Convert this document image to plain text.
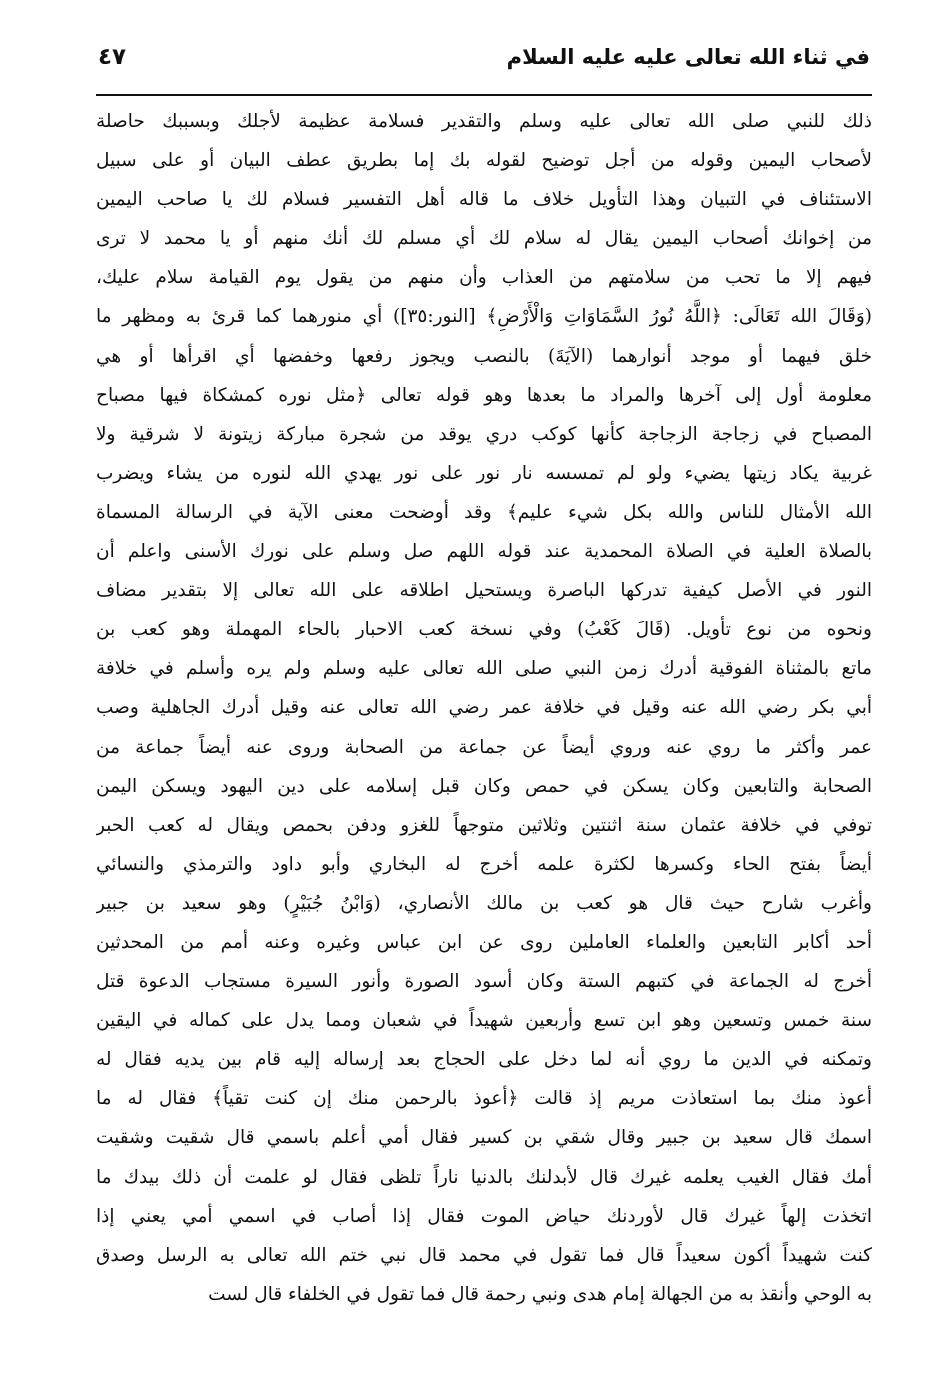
في ثناء الله تعالى عليه عليه السلام
٤٧
ذلك للنبي صلى الله تعالى عليه وسلم والتقدير فسلامة عظيمة لأجلك وبسببك حاصلة
لأصحاب اليمين وقوله من أجل توضيح لقوله بك إما بطريق عطف البيان أو على سبيل
الاستئناف في التبيان وهذا التأويل خلاف ما قاله أهل التفسير فسلام لك يا صاحب اليمين
من إخوانك أصحاب اليمين يقال له سلام لك أي مسلم لك أنك منهم أو يا محمد لا ترى
فيهم إلا ما تحب من سلامتهم من العذاب وأن منهم من يقول يوم القيامة سلام عليك،
(وَقَالَ الله تَعَالَى: ﴿اللَّهُ نُورُ السَّمَاوَاتِ وَالْأَرْضِ﴾ [النور:٣٥]) أي منورهما كما قرئ به ومظهر ما
خلق فيهما أو موجد أنوارهما (الآيَةَ) بالنصب ويجوز رفعها وخفضها أي اقرأها أو هي
معلومة أول إلى آخرها والمراد ما بعدها وهو قوله تعالى ﴿مثل نوره كمشكاة فيها مصباح
المصباح في زجاجة الزجاجة كأنها كوكب دري يوقد من شجرة مباركة زيتونة لا شرقية ولا
غربية يكاد زيتها يضيء ولو لم تمسسه نار نور على نور يهدي الله لنوره من يشاء ويضرب
الله الأمثال للناس والله بكل شيء عليم﴾ وقد أوضحت معنى الآية في الرسالة المسماة
بالصلاة العلية في الصلاة المحمدية عند قوله اللهم صل وسلم على نورك الأسنى واعلم أن
النور في الأصل كيفية تدركها الباصرة ويستحيل اطلاقه على الله تعالى إلا بتقدير مضاف
ونحوه من نوع تأويل. (قَالَ كَعْبُ) وفي نسخة كعب الاحبار بالحاء المهملة وهو كعب بن
ماتع بالمثناة الفوقية أدرك زمن النبي صلى الله تعالى عليه وسلم ولم يره وأسلم في خلافة
أبي بكر رضي الله عنه وقيل في خلافة عمر رضي الله تعالى عنه وقيل أدرك الجاهلية وصب
عمر وأكثر ما روي عنه وروي أيضاً عن جماعة من الصحابة وروى عنه أيضاً جماعة من
الصحابة والتابعين وكان يسكن في حمص وكان قبل إسلامه على دين اليهود ويسكن اليمن
توفي في خلافة عثمان سنة اثنتين وثلاثين متوجهاً للغزو ودفن بحمص ويقال له كعب الحبر
أيضاً بفتح الحاء وكسرها لكثرة علمه أخرج له البخاري وأبو داود والترمذي والنسائي
وأغرب شارح حيث قال هو كعب بن مالك الأنصاري، (وَابْنُ جُبَيْرٍ) وهو سعيد بن جبير
أحد أكابر التابعين والعلماء العاملين روى عن ابن عباس وغيره وعنه أمم من المحدثين
أخرج له الجماعة في كتبهم الستة وكان أسود الصورة وأنور السيرة مستجاب الدعوة قتل
سنة خمس وتسعين وهو ابن تسع وأربعين شهيداً في شعبان ومما يدل على كماله في اليقين
وتمكنه في الدين ما روي أنه لما دخل على الحجاج بعد إرساله إليه قام بين يديه فقال له
أعوذ منك بما استعاذت مريم إذ قالت ﴿أعوذ بالرحمن منك إن كنت تقياً﴾ فقال له ما
اسمك قال سعيد بن جبير وقال شقي بن كسير فقال أمي أعلم باسمي قال شقيت وشقيت
أمك فقال الغيب يعلمه غيرك قال لأبدلنك بالدنيا ناراً تلظى فقال لو علمت أن ذلك بيدك ما
اتخذت إلهاً غيرك قال لأوردنك حياض الموت فقال إذا أصاب في اسمي أمي يعني إذا
كنت شهيداً أكون سعيداً قال فما تقول في محمد قال نبي ختم الله تعالى به الرسل وصدق
به الوحي وأنقذ به من الجهالة إمام هدى ونبي رحمة قال فما تقول في الخلفاء قال لست
